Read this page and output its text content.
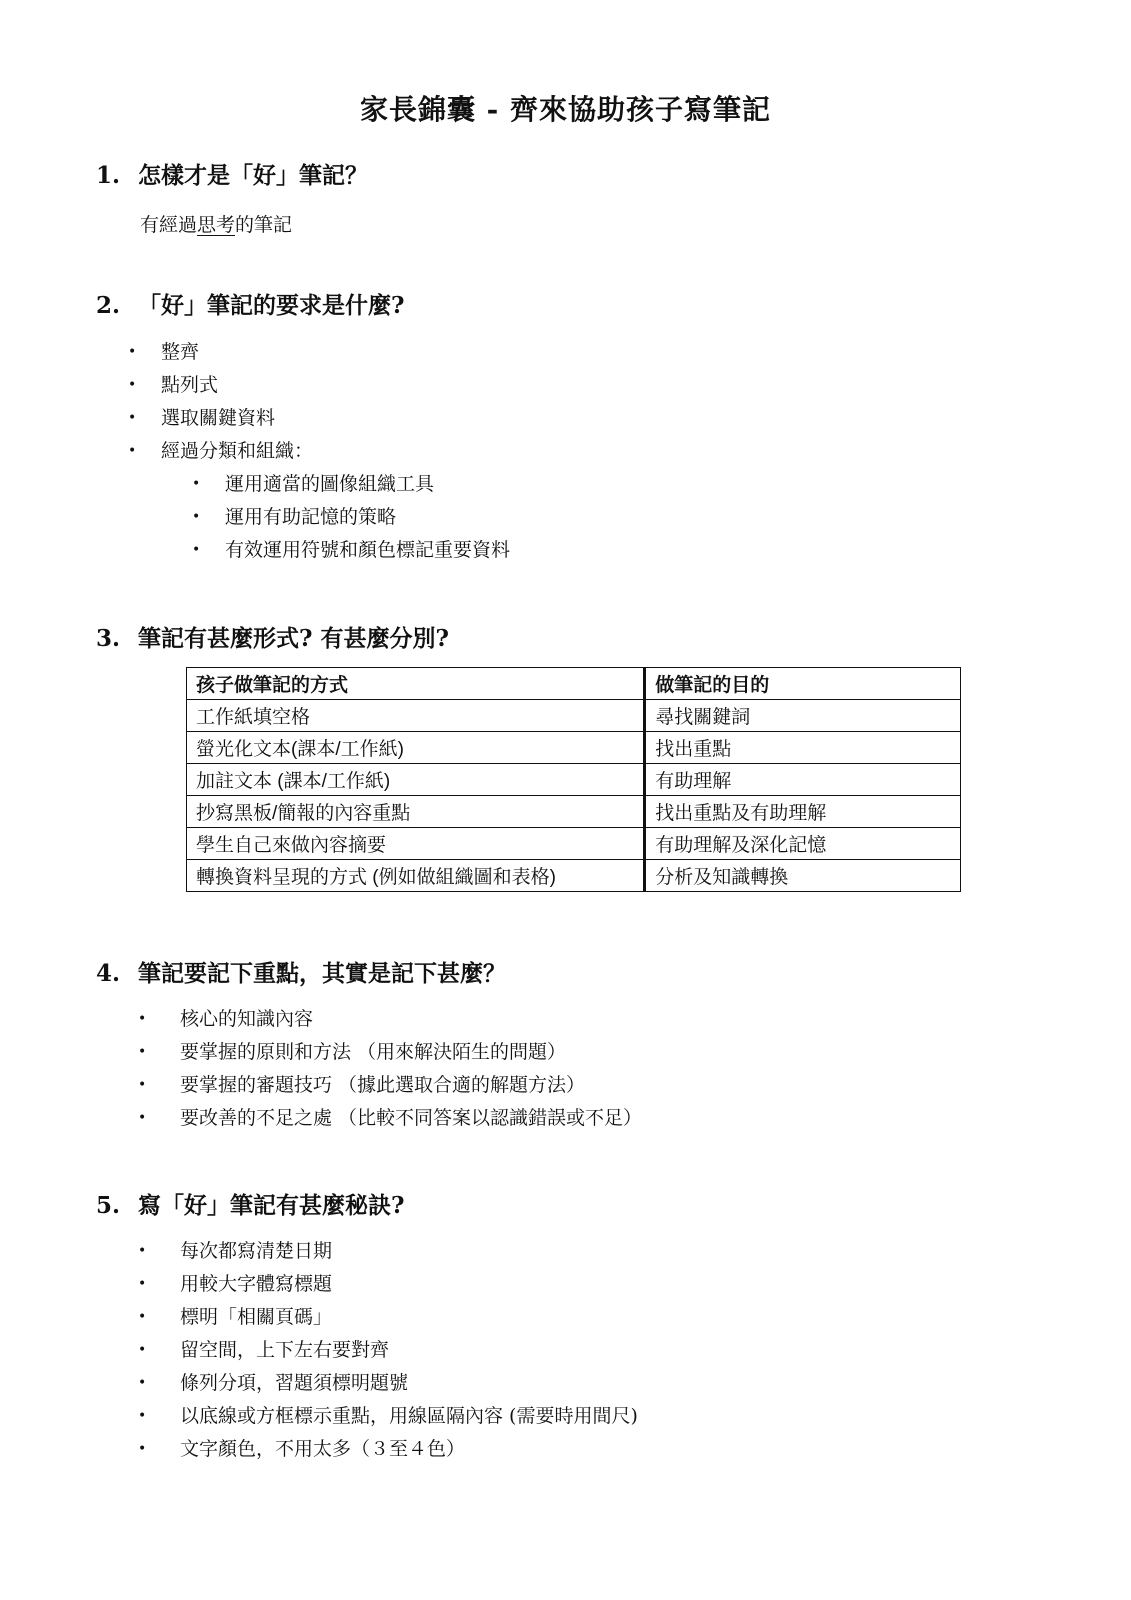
家長錦囊 - 齊來協助孩子寫筆記
1. 怎樣才是「好」筆記？
有經過思考的筆記
2. 「好」筆記的要求是什麼?
• 整齊
• 點列式
• 選取關鍵資料
• 經過分類和組織：
• 運用適當的圖像組織工具
• 運用有助記憶的策略
• 有效運用符號和顏色標記重要資料
3. 筆記有甚麼形式? 有甚麼分別?
孩子做筆記的方式	做筆記的目的
工作紙填空格	尋找關鍵詞
螢光化文本(課本/工作紙)	找出重點
加註文本 (課本/工作紙)	有助理解
抄寫黑板/簡報的內容重點	找出重點及有助理解
學生自己來做內容摘要	有助理解及深化記憶
轉換資料呈現的方式 (例如做組織圖和表格)	分析及知識轉換
4. 筆記要記下重點，其實是記下甚麼？
• 核心的知識內容
• 要掌握的原則和方法 （用來解決陌生的問題）
• 要掌握的審題技巧 （據此選取合適的解題方法）
• 要改善的不足之處 （比較不同答案以認識錯誤或不足）
5. 寫「好」筆記有甚麼秘訣?
• 每次都寫清楚日期
• 用較大字體寫標題
• 標明「相關頁碼」
• 留空間，上下左右要對齊
• 條列分項，習題須標明題號
• 以底線或方框標示重點，用線區隔內容 (需要時用間尺)
• 文字顏色，不用太多（３至４色）
